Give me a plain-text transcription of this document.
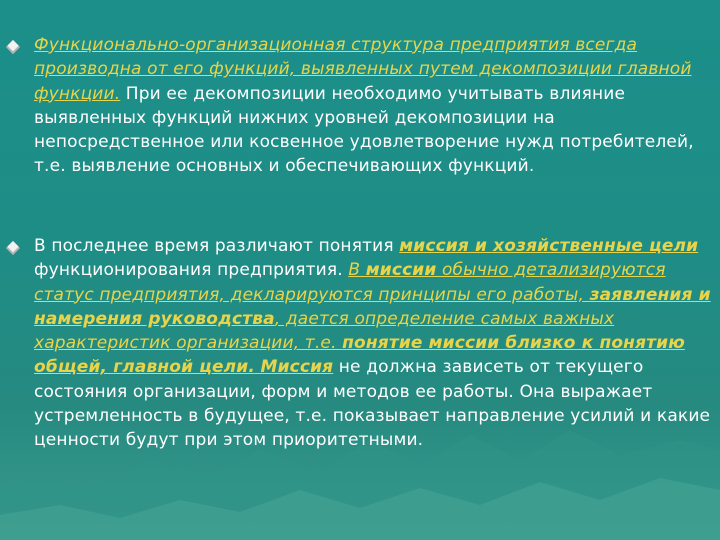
Функционально-организационная структура предприятия всегда производна от его функций, выявленных путем декомпозиции главной функции. При ее декомпозиции необходимо учитывать влияние выявленных функций нижних уровней декомпозиции на непосредственное или косвенное удовлетворение нужд потребителей, т.е. выявление основных и обеспечивающих функций.
В последнее время различают понятия миссия и хозяйственные цели функционирования предприятия. В миссии обычно детализируются статус предприятия, декларируются принципы его работы, заявления и намерения руководства, дается определение самых важных характеристик организации, т.е. понятие миссии близко к понятию общей, главной цели. Миссия не должна зависеть от текущего состояния организации, форм и методов ее работы. Она выражает устремленность в будущее, т.е. показывает направление усилий и какие ценности будут при этом приоритетными.
